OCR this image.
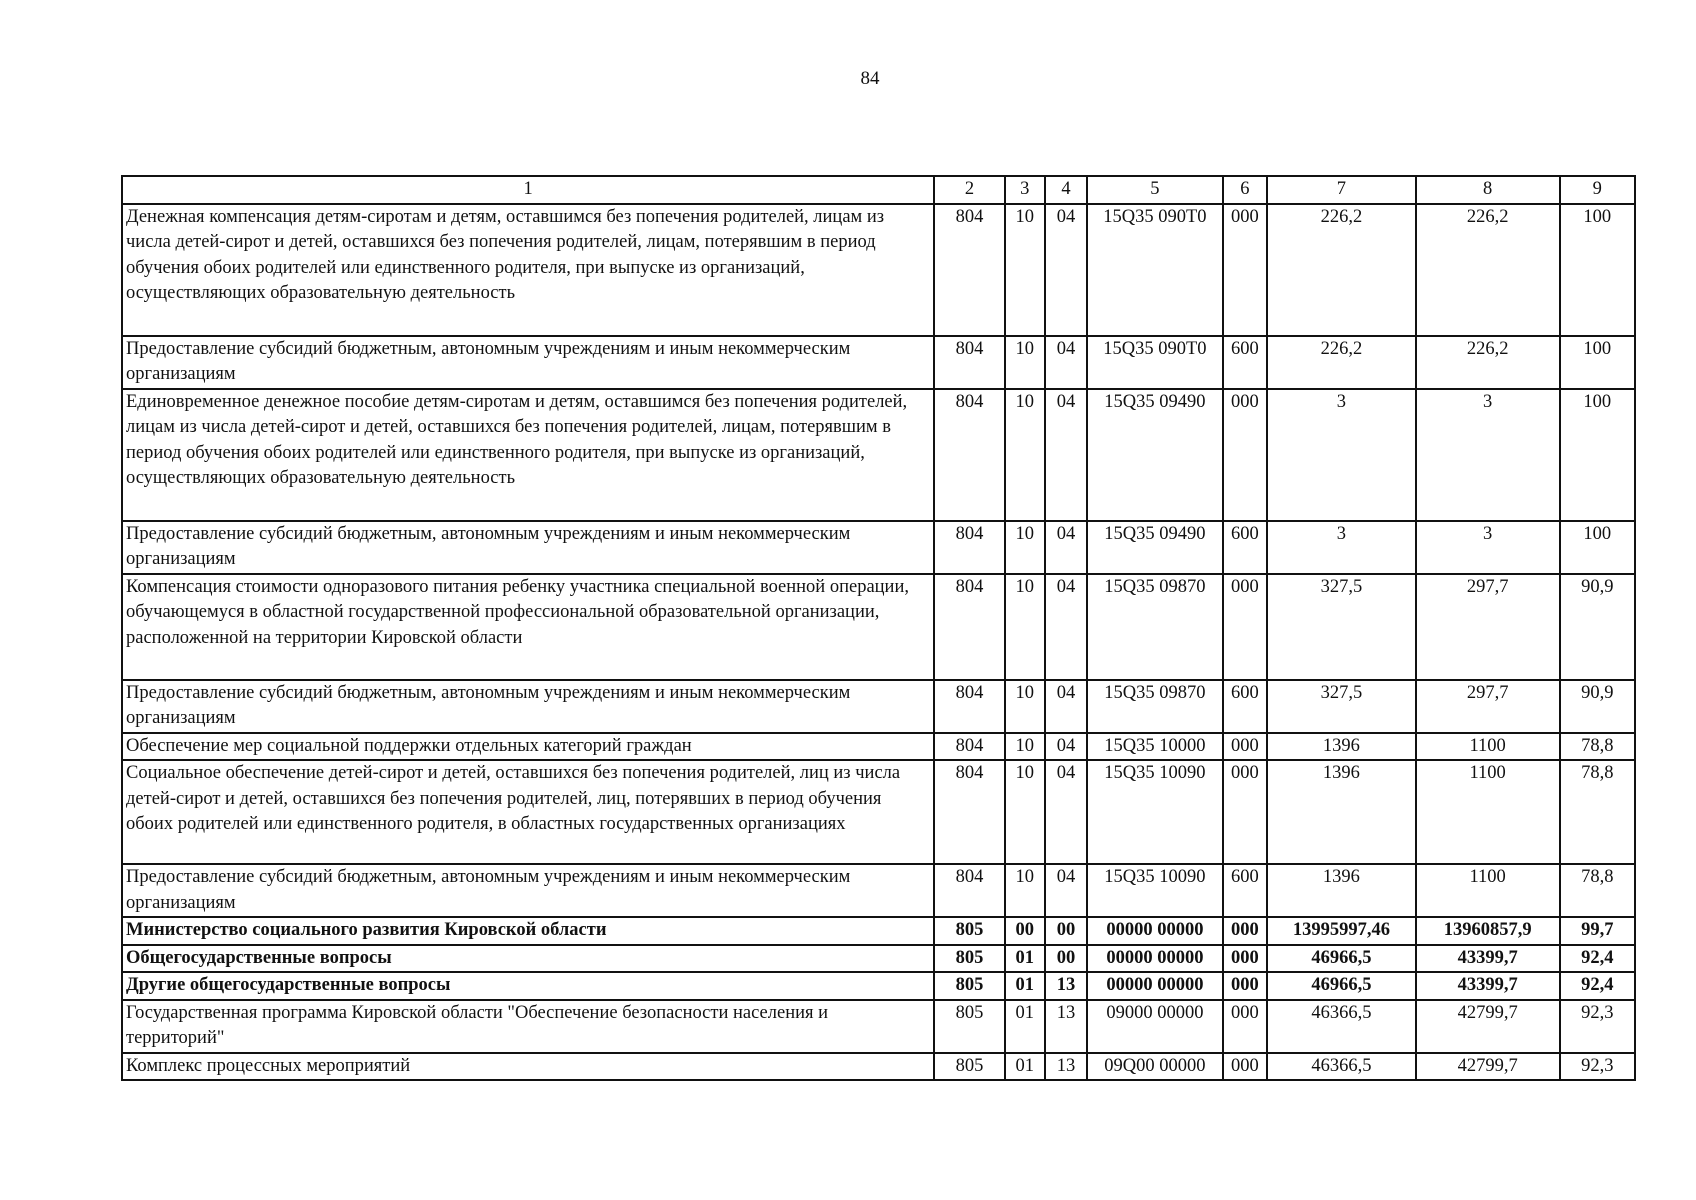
84
1	2	3	4	5	6	7	8	9
Денежная компенсация детям-сиротам и детям, оставшимся без попечения родителей, лицам из числа детей-сирот и детей, оставшихся без попечения родителей, лицам, потерявшим в период обучения обоих родителей или единственного родителя, при выпуске из организаций, осуществляющих образовательную деятельность	804	10	04	15Q35 090Т0	000	226,2	226,2	100
Предоставление субсидий бюджетным, автономным учреждениям и иным некоммерческим организациям	804	10	04	15Q35 090Т0	600	226,2	226,2	100
Единовременное денежное пособие детям-сиротам и детям, оставшимся без попечения родителей, лицам из числа детей-сирот и детей, оставшихся без попечения родителей, лицам, потерявшим в период обучения обоих родителей или единственного родителя, при выпуске из организаций, осуществляющих образовательную деятельность	804	10	04	15Q35 09490	000	3	3	100
Предоставление субсидий бюджетным, автономным учреждениям и иным некоммерческим организациям	804	10	04	15Q35 09490	600	3	3	100
Компенсация стоимости одноразового питания ребенку участника специальной военной операции, обучающемуся в областной государственной профессиональной образовательной организации, расположенной на территории Кировской области	804	10	04	15Q35 09870	000	327,5	297,7	90,9
Предоставление субсидий бюджетным, автономным учреждениям и иным некоммерческим организациям	804	10	04	15Q35 09870	600	327,5	297,7	90,9
Обеспечение мер социальной поддержки отдельных категорий граждан	804	10	04	15Q35 10000	000	1396	1100	78,8
Социальное обеспечение детей-сирот и детей, оставшихся без попечения родителей, лиц из числа детей-сирот и детей, оставшихся без попечения родителей, лиц, потерявших в период обучения обоих родителей или единственного родителя, в областных государственных организациях	804	10	04	15Q35 10090	000	1396	1100	78,8
Предоставление субсидий бюджетным, автономным учреждениям и иным некоммерческим организациям	804	10	04	15Q35 10090	600	1396	1100	78,8
Министерство социального развития Кировской области	805	00	00	00000 00000	000	13995997,46	13960857,9	99,7
Общегосударственные вопросы	805	01	00	00000 00000	000	46966,5	43399,7	92,4
Другие общегосударственные вопросы	805	01	13	00000 00000	000	46966,5	43399,7	92,4
Государственная программа Кировской области "Обеспечение безопасности населения и территорий"	805	01	13	09000 00000	000	46366,5	42799,7	92,3
Комплекс процессных мероприятий	805	01	13	09Q00 00000	000	46366,5	42799,7	92,3
